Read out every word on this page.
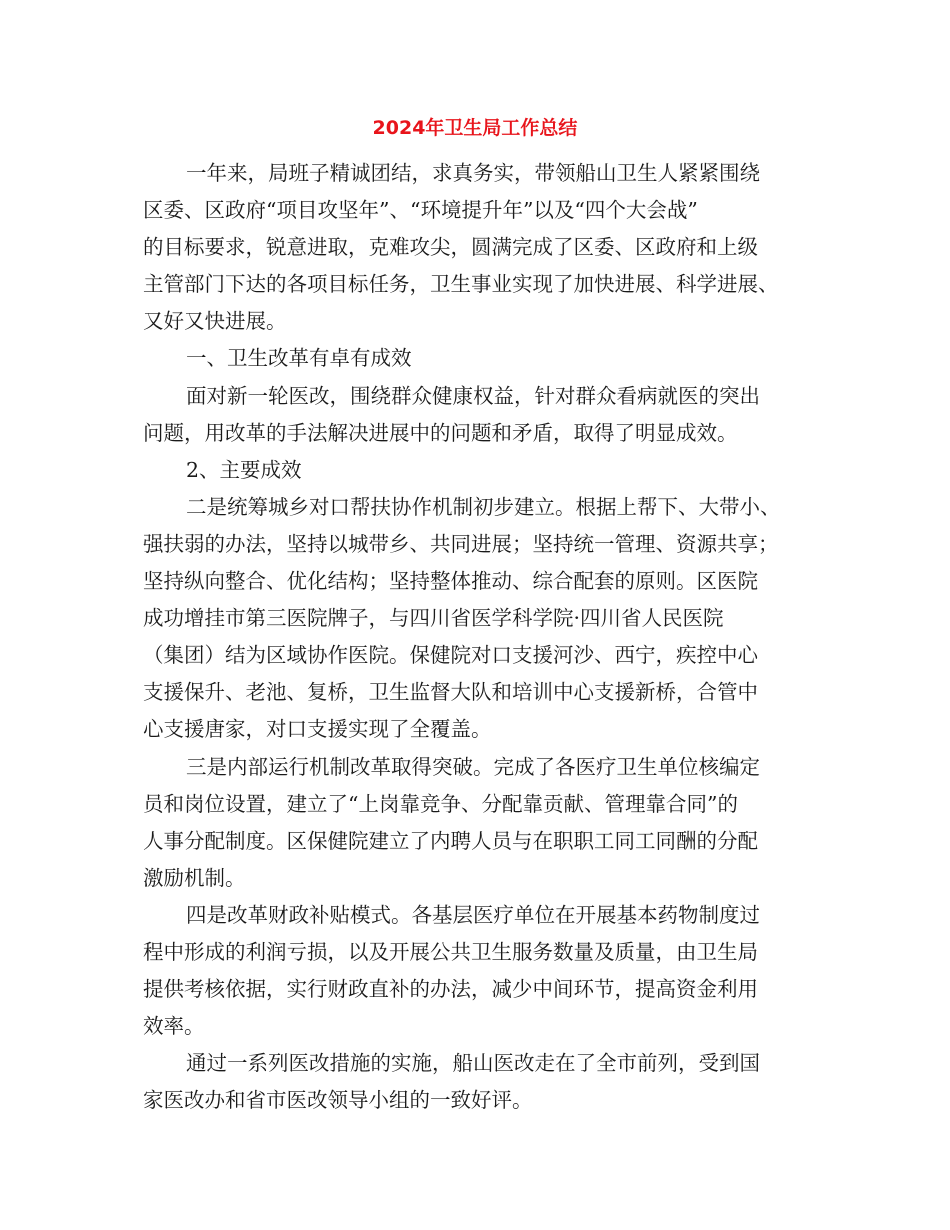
2024年卫生局工作总结

一年来，局班子精诚团结，求真务实，带领船山卫生人紧紧围绕

区委、区政府“项目攻坚年”、“环境提升年”以及“四个大会战”

的目标要求，锐意进取，克难攻尖，圆满完成了区委、区政府和上级

主管部门下达的各项目标任务，卫生事业实现了加快进展、科学进展、

又好又快进展。

一、卫生改革有卓有成效

面对新一轮医改，围绕群众健康权益，针对群众看病就医的突出

问题，用改革的手法解决进展中的问题和矛盾，取得了明显成效。

2、主要成效

二是统筹城乡对口帮扶协作机制初步建立。根据上帮下、大带小、

强扶弱的办法，坚持以城带乡、共同进展；坚持统一管理、资源共享；

坚持纵向整合、优化结构；坚持整体推动、综合配套的原则。区医院

成功增挂市第三医院牌子，与四川省医学科学院·四川省人民医院

（集团）结为区域协作医院。保健院对口支援河沙、西宁，疾控中心

支援保升、老池、复桥，卫生监督大队和培训中心支援新桥，合管中

心支援唐家，对口支援实现了全覆盖。

三是内部运行机制改革取得突破。完成了各医疗卫生单位核编定

员和岗位设置，建立了“上岗靠竞争、分配靠贡献、管理靠合同”的

人事分配制度。区保健院建立了内聘人员与在职职工同工同酬的分配

激励机制。

四是改革财政补贴模式。各基层医疗单位在开展基本药物制度过

程中形成的利润亏损，以及开展公共卫生服务数量及质量，由卫生局

提供考核依据，实行财政直补的办法，减少中间环节，提高资金利用

效率。

通过一系列医改措施的实施，船山医改走在了全市前列，受到国

家医改办和省市医改领导小组的一致好评。
